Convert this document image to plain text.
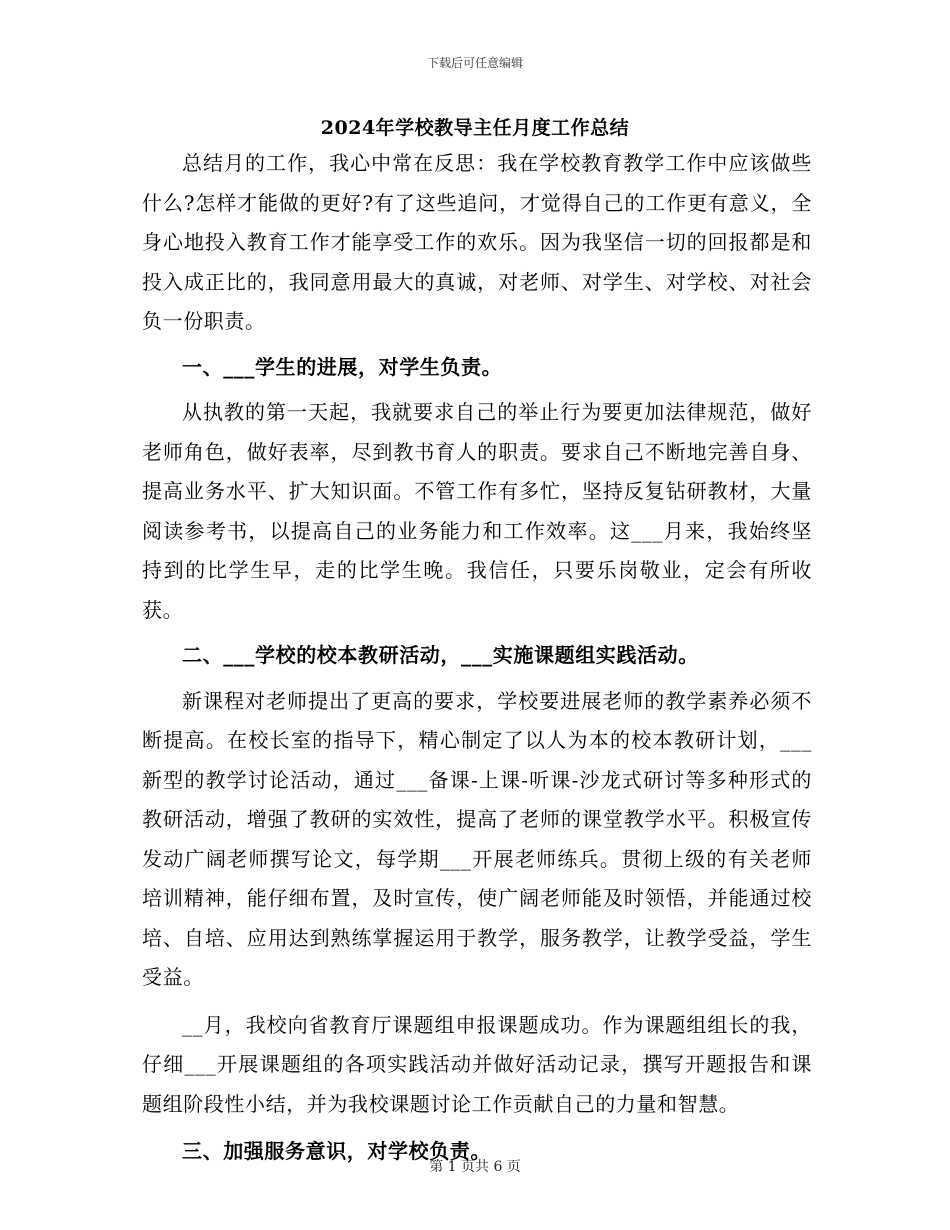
下载后可任意编辑
2024年学校教导主任月度工作总结

总结月的工作，我心中常在反思：我在学校教育教学工作中应该做些什么?怎样才能做的更好?有了这些追问，才觉得自己的工作更有意义，全身心地投入教育工作才能享受工作的欢乐。因为我坚信一切的回报都是和投入成正比的，我同意用最大的真诚，对老师、对学生、对学校、对社会负一份职责。

一、___学生的进展，对学生负责。

从执教的第一天起，我就要求自己的举止行为要更加法律规范，做好老师角色，做好表率，尽到教书育人的职责。要求自己不断地完善自身、提高业务水平、扩大知识面。不管工作有多忙，坚持反复钻研教材，大量阅读参考书，以提高自己的业务能力和工作效率。这___月来，我始终坚持到的比学生早，走的比学生晚。我信任，只要乐岗敬业，定会有所收获。

二、___学校的校本教研活动，___实施课题组实践活动。

新课程对老师提出了更高的要求，学校要进展老师的教学素养必须不断提高。在校长室的指导下，精心制定了以人为本的校本教研计划，___新型的教学讨论活动，通过___备课-上课-听课-沙龙式研讨等多种形式的教研活动，增强了教研的实效性，提高了老师的课堂教学水平。积极宣传发动广阔老师撰写论文，每学期___开展老师练兵。贯彻上级的有关老师培训精神，能仔细布置，及时宣传，使广阔老师能及时领悟，并能通过校培、自培、应用达到熟练掌握运用于教学，服务教学，让教学受益，学生受益。

__月，我校向省教育厅课题组申报课题成功。作为课题组组长的我，仔细___开展课题组的各项实践活动并做好活动记录，撰写开题报告和课题组阶段性小结，并为我校课题讨论工作贡献自己的力量和智慧。

三、加强服务意识，对学校负责。

第 1 页共 6 页
